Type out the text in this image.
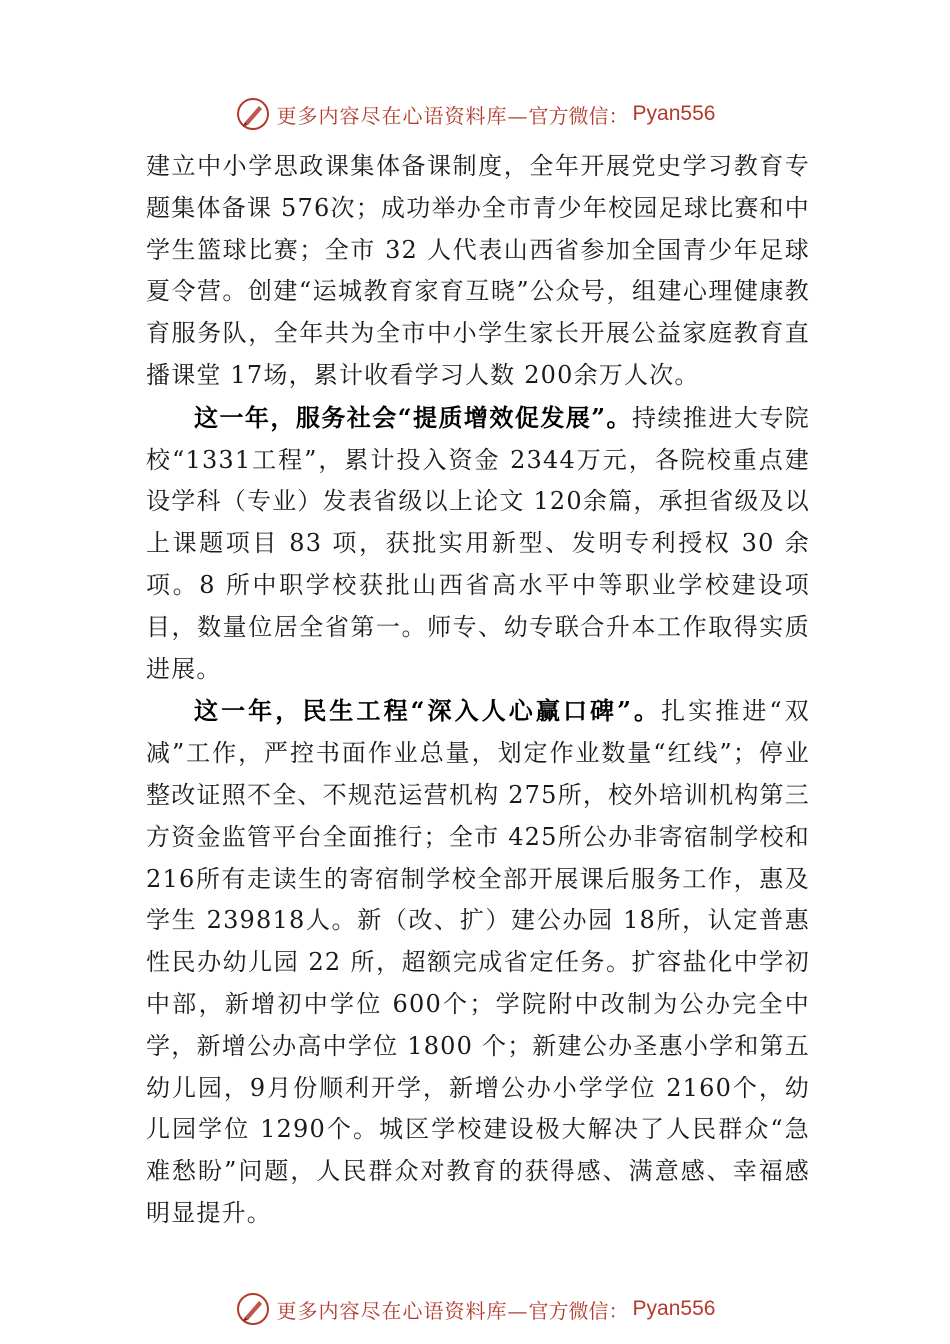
更多内容尽在心语资料库— 官方微信： Pyan556

建立中小学思政课集体备课制度，全年开展党史学习教育专题集体备课 576次；成功举办全市青少年校园足球比赛和中学生篮球比赛；全市 32 人代表山西省参加全国青少年足球夏令营。创建“运城教育家育互晓”公众号，组建心理健康教育服务队，全年共为全市中小学生家长开展公益家庭教育直播课堂 17场，累计收看学习人数 200余万人次。

这一年，服务社会“提质增效促发展”。持续推进大专院校“1331工程”，累计投入资金 2344万元，各院校重点建设学科（专业）发表省级以上论文 120余篇，承担省级及以上课题项目 83 项，获批实用新型、发明专利授权 30 余项。8 所中职学校获批山西省高水平中等职业学校建设项目，数量位居全省第一。师专、幼专联合升本工作取得实质进展。

这一年，民生工程“深入人心赢口碑”。扎实推进“双减”工作，严控书面作业总量，划定作业数量“红线”；停业整改证照不全、不规范运营机构 275所，校外培训机构第三方资金监管平台全面推行；全市 425所公办非寄宿制学校和 216所有走读生的寄宿制学校全部开展课后服务工作，惠及学生 239818人。新（改、扩）建公办园 18所，认定普惠性民办幼儿园 22 所，超额完成省定任务。扩容盐化中学初中部，新增初中学位 600个；学院附中改制为公办完全中学，新增公办高中学位 1800 个；新建公办圣惠小学和第五幼儿园，9月份顺利开学，新增公办小学学位 2160个，幼儿园学位 1290个。城区学校建设极大解决了人民群众“急难愁盼”问题，人民群众对教育的获得感、满意感、幸福感明显提升。

更多内容尽在心语资料库— 官方微信： Pyan556
